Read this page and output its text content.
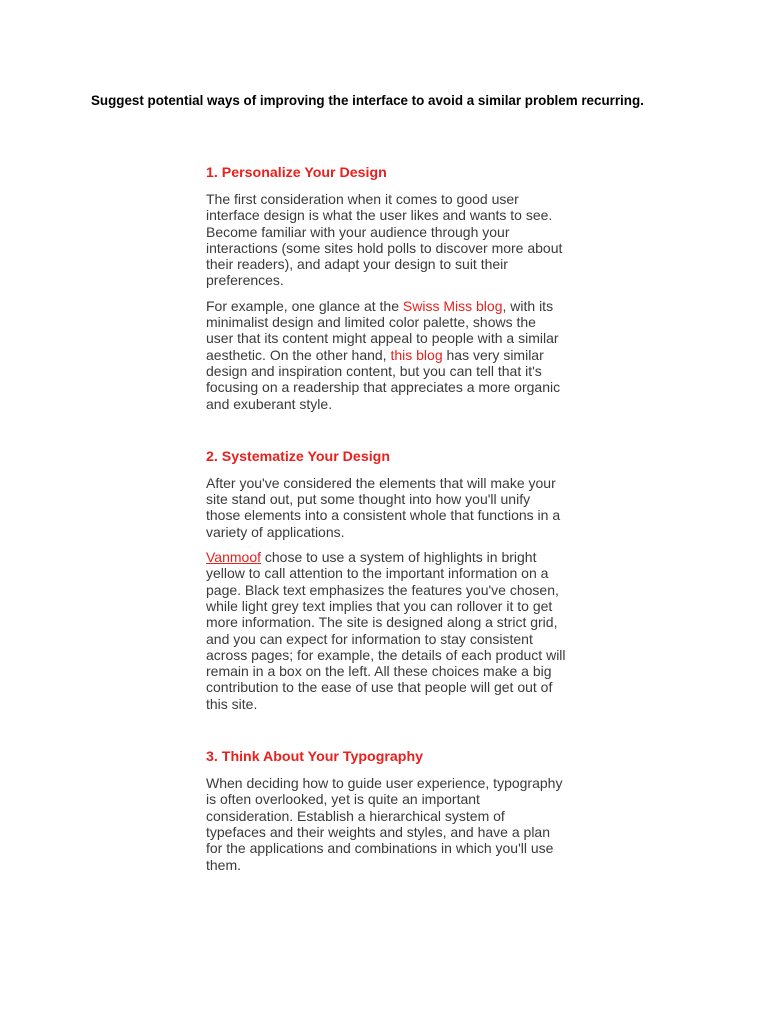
Suggest potential ways of improving the interface to avoid a similar problem recurring.

1. Personalize Your Design

The first consideration when it comes to good user interface design is what the user likes and wants to see. Become familiar with your audience through your interactions (some sites hold polls to discover more about their readers), and adapt your design to suit their preferences.

For example, one glance at the Swiss Miss blog, with its minimalist design and limited color palette, shows the user that its content might appeal to people with a similar aesthetic. On the other hand, this blog has very similar design and inspiration content, but you can tell that it's focusing on a readership that appreciates a more organic and exuberant style.

2. Systematize Your Design

After you've considered the elements that will make your site stand out, put some thought into how you'll unify those elements into a consistent whole that functions in a variety of applications.

Vanmoof chose to use a system of highlights in bright yellow to call attention to the important information on a page. Black text emphasizes the features you've chosen, while light grey text implies that you can rollover it to get more information. The site is designed along a strict grid, and you can expect for information to stay consistent across pages; for example, the details of each product will remain in a box on the left. All these choices make a big contribution to the ease of use that people will get out of this site.

3. Think About Your Typography

When deciding how to guide user experience, typography is often overlooked, yet is quite an important consideration. Establish a hierarchical system of typefaces and their weights and styles, and have a plan for the applications and combinations in which you'll use them.
